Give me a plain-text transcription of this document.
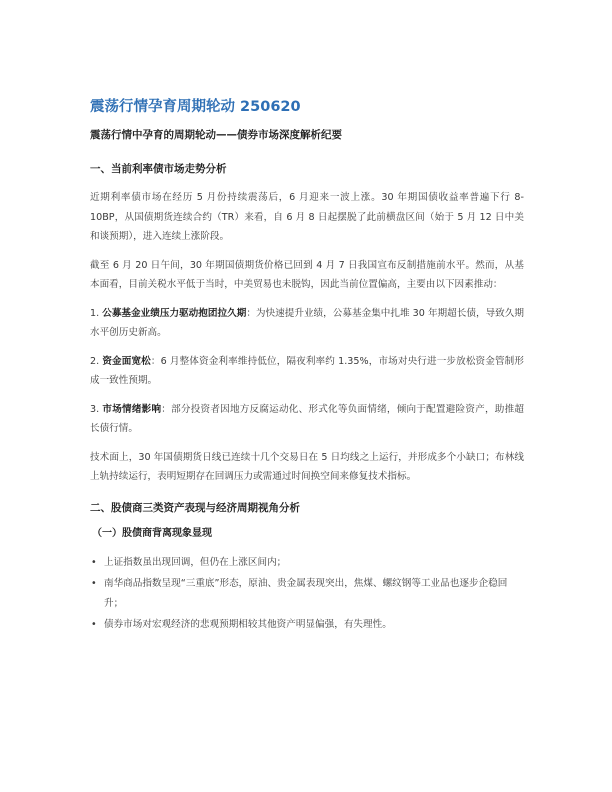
震荡行情孕育周期轮动 250620
震荡行情中孕育的周期轮动——债券市场深度解析纪要
一、当前利率债市场走势分析

近期利率债市场在经历 5 月份持续震荡后，6 月迎来一波上涨。30 年期国债收益率普遍下行 8-10BP，从国债期货连续合约（TR）来看，自 6 月 8 日起摆脱了此前横盘区间（始于 5 月 12 日中美和谈预期），进入连续上涨阶段。

截至 6 月 20 日午间，30 年期国债期货价格已回到 4 月 7 日我国宣布反制措施前水平。然而，从基本面看，目前关税水平低于当时，中美贸易也未脱钩，因此当前位置偏高，主要由以下因素推动：

1. 公募基金业绩压力驱动抱团拉久期：为快速提升业绩，公募基金集中扎堆 30 年期超长债，导致久期水平创历史新高。

2. 资金面宽松：6 月整体资金利率维持低位，隔夜利率约 1.35%，市场对央行进一步放松资金管制形成一致性预期。

3. 市场情绪影响：部分投资者因地方反腐运动化、形式化等负面情绪，倾向于配置避险资产，助推超长债行情。

技术面上，30 年国债期货日线已连续十几个交易日在 5 日均线之上运行，并形成多个小缺口；布林线上轨持续运行，表明短期存在回调压力或需通过时间换空间来修复技术指标。

二、股债商三类资产表现与经济周期视角分析
（一）股债商背离现象显现
• 上证指数虽出现回调，但仍在上涨区间内；
• 南华商品指数呈现“三重底”形态，原油、贵金属表现突出，焦煤、螺纹钢等工业品也逐步企稳回升；
• 债券市场对宏观经济的悲观预期相较其他资产明显偏强，有失理性。
